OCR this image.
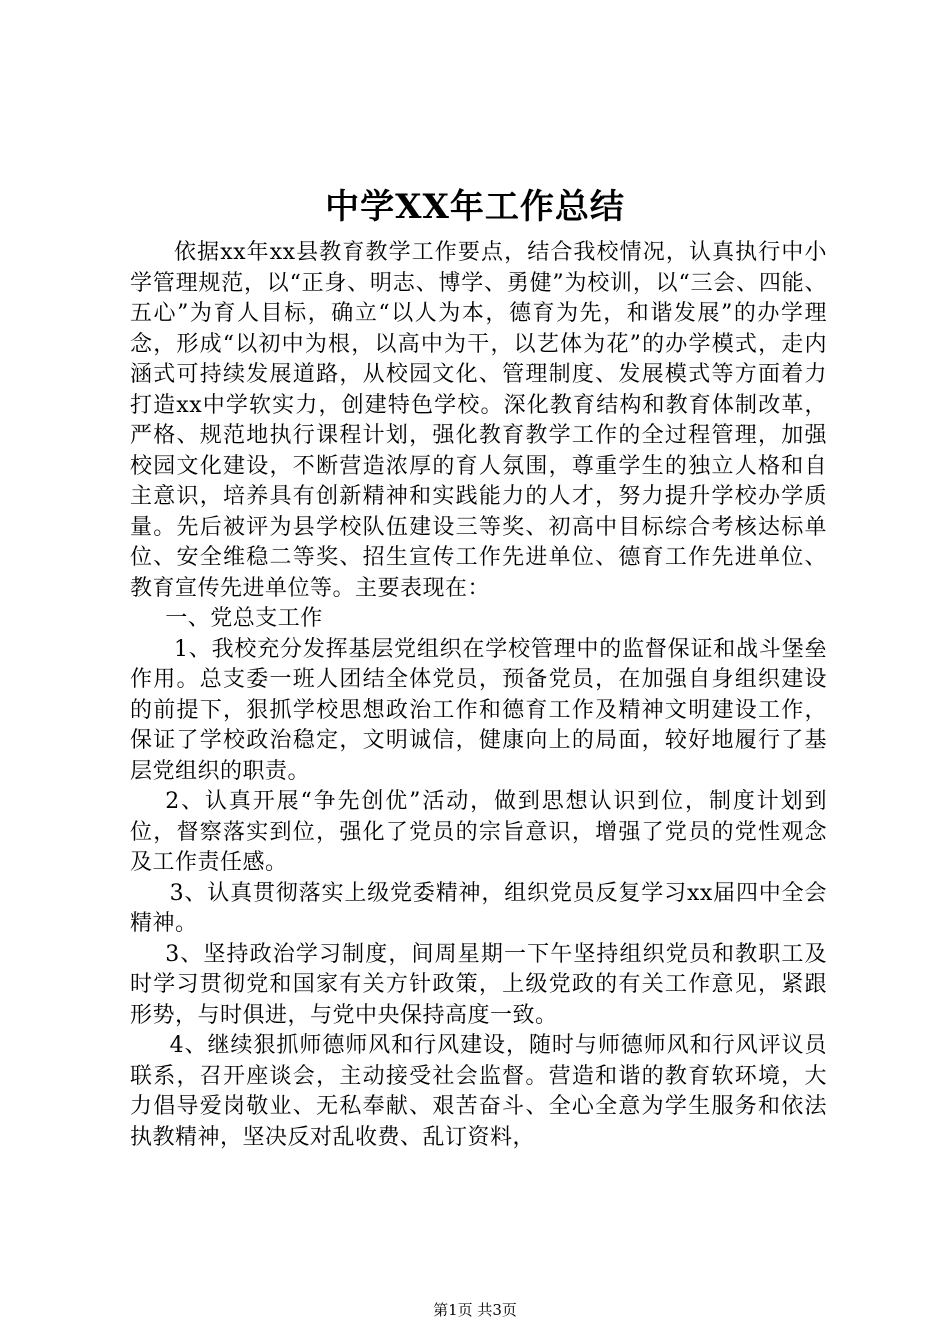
中学XX年工作总结

依据xx年xx县教育教学工作要点，结合我校情况，认真执行中小学管理规范，以“正身、明志、博学、勇健”为校训，以“三会、四能、五心”为育人目标，确立“以人为本，德育为先，和谐发展”的办学理念，形成“以初中为根，以高中为干，以艺体为花”的办学模式，走内涵式可持续发展道路，从校园文化、管理制度、发展模式等方面着力打造xx中学软实力，创建特色学校。深化教育结构和教育体制改革，严格、规范地执行课程计划，强化教育教学工作的全过程管理，加强校园文化建设，不断营造浓厚的育人氛围，尊重学生的独立人格和自主意识，培养具有创新精神和实践能力的人才，努力提升学校办学质量。先后被评为县学校队伍建设三等奖、初高中目标综合考核达标单位、安全维稳二等奖、招生宣传工作先进单位、德育工作先进单位、教育宣传先进单位等。主要表现在：

一、党总支工作

1、我校充分发挥基层党组织在学校管理中的监督保证和战斗堡垒作用。总支委一班人团结全体党员，预备党员，在加强自身组织建设的前提下，狠抓学校思想政治工作和德育工作及精神文明建设工作，保证了学校政治稳定，文明诚信，健康向上的局面，较好地履行了基层党组织的职责。

2、认真开展“争先创优”活动，做到思想认识到位，制度计划到位，督察落实到位，强化了党员的宗旨意识，增强了党员的党性观念及工作责任感。

3、认真贯彻落实上级党委精神，组织党员反复学习xx届四中全会精神。

3、坚持政治学习制度，间周星期一下午坚持组织党员和教职工及时学习贯彻党和国家有关方针政策，上级党政的有关工作意见，紧跟形势，与时俱进，与党中央保持高度一致。

4、继续狠抓师德师风和行风建设，随时与师德师风和行风评议员联系，召开座谈会，主动接受社会监督。营造和谐的教育软环境，大力倡导爱岗敬业、无私奉献、艰苦奋斗、全心全意为学生服务和依法执教精神，坚决反对乱收费、乱订资料，

第1页 共3页
